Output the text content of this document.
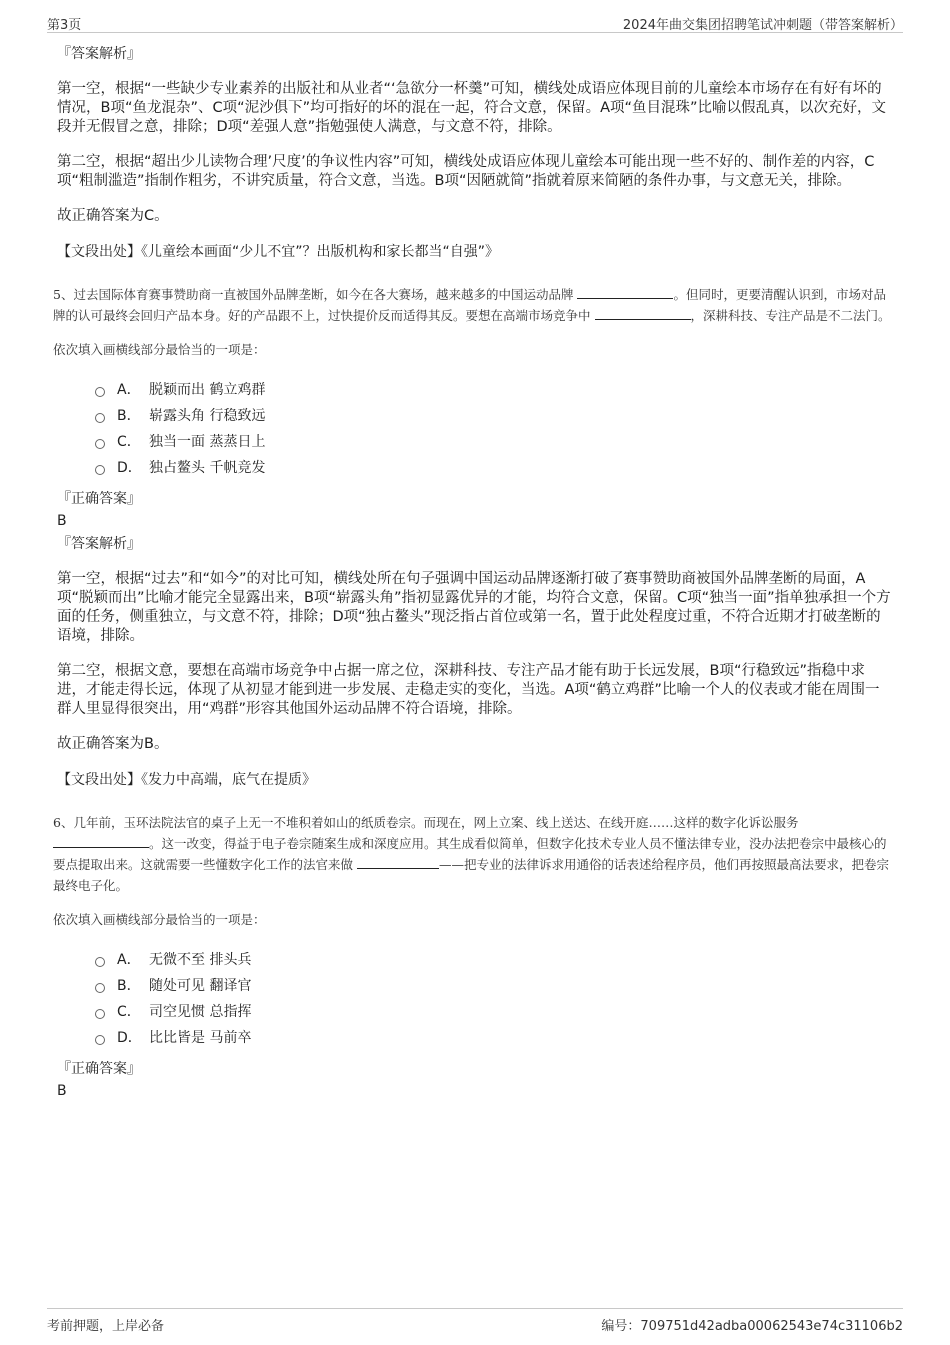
第3页	2024年曲交集团招聘笔试冲刺题（带答案解析）
『答案解析』

第一空，根据“一些缺少专业素养的出版社和从业者“‘急欲分一杯羹”可知，横线处成语应体现目前的儿童绘本市场存在有好有坏的情况，B项“鱼龙混杂”、C项“泥沙俱下”均可指好的坏的混在一起，符合文意，保留。A项“鱼目混珠”比喻以假乱真，以次充好，文段并无假冒之意，排除；D项“差强人意”指勉强使人满意，与文意不符，排除。

第二空，根据“超出少儿读物合理’尺度’的争议性内容”可知，横线处成语应体现儿童绘本可能出现一些不好的、制作差的内容，C项“粗制滥造”指制作粗劣，不讲究质量，符合文意，当选。B项“因陋就简”指就着原来简陋的条件办事，与文意无关，排除。

故正确答案为C。

【文段出处】《儿童绘本画面“少儿不宜”？出版机构和家长都当“自强”》
5、过去国际体育赛事赞助商一直被国外品牌垄断，如今在各大赛场，越来越多的中国运动品牌	。但同时，更要清醒认识到，市场对品牌的认可最终会回归产品本身。好的产品跟不上，过快提价反而适得其反。要想在高端市场竞争中	，深耕科技、专注产品是不二法门。
依次填入画横线部分最恰当的一项是：
A． 脱颖而出 鹤立鸡群
B． 崭露头角 行稳致远
C． 独当一面 蒸蒸日上
D． 独占鳌头 千帆竞发
『正确答案』
B
『答案解析』

第一空，根据“过去”和“如今”的对比可知，横线处所在句子强调中国运动品牌逐渐打破了赛事赞助商被国外品牌垄断的局面，A项“脱颖而出”比喻才能完全显露出来，B项“崭露头角”指初显露优异的才能，均符合文意，保留。C项“独当一面”指单独承担一个方面的任务，侧重独立，与文意不符，排除；D项“独占鳌头”现泛指占首位或第一名，置于此处程度过重，不符合近期才打破垄断的语境，排除。

第二空，根据文意，要想在高端市场竞争中占据一席之位，深耕科技、专注产品才能有助于长远发展，B项“行稳致远”指稳中求进，才能走得长远，体现了从初显才能到进一步发展、走稳走实的变化，当选。A项“鹤立鸡群”比喻一个人的仪表或才能在周围一群人里显得很突出，用“鸡群”形容其他国外运动品牌不符合语境，排除。

故正确答案为B。

【文段出处】《发力中高端，底气在提质》
6、几年前，玉环法院法官的桌子上无一不堆积着如山的纸质卷宗。而现在，网上立案、线上送达、在线开庭……这样的数字化诉讼服务 。这一改变，得益于电子卷宗随案生成和深度应用。其生成看似简单，但数字化技术专业人员不懂法律专业，没办法把卷宗中最核心的要点提取出来。这就需要一些懂数字化工作的法官来做	——把专业的法律诉求用通俗的话表述给程序员，他们再按照最高法要求，把卷宗最终电子化。
依次填入画横线部分最恰当的一项是：
A． 无微不至 排头兵
B． 随处可见 翻译官
C． 司空见惯 总指挥
D． 比比皆是 马前卒
『正确答案』
B
考前押题，上岸必备	编号：709751d42adba00062543e74c31106b2
